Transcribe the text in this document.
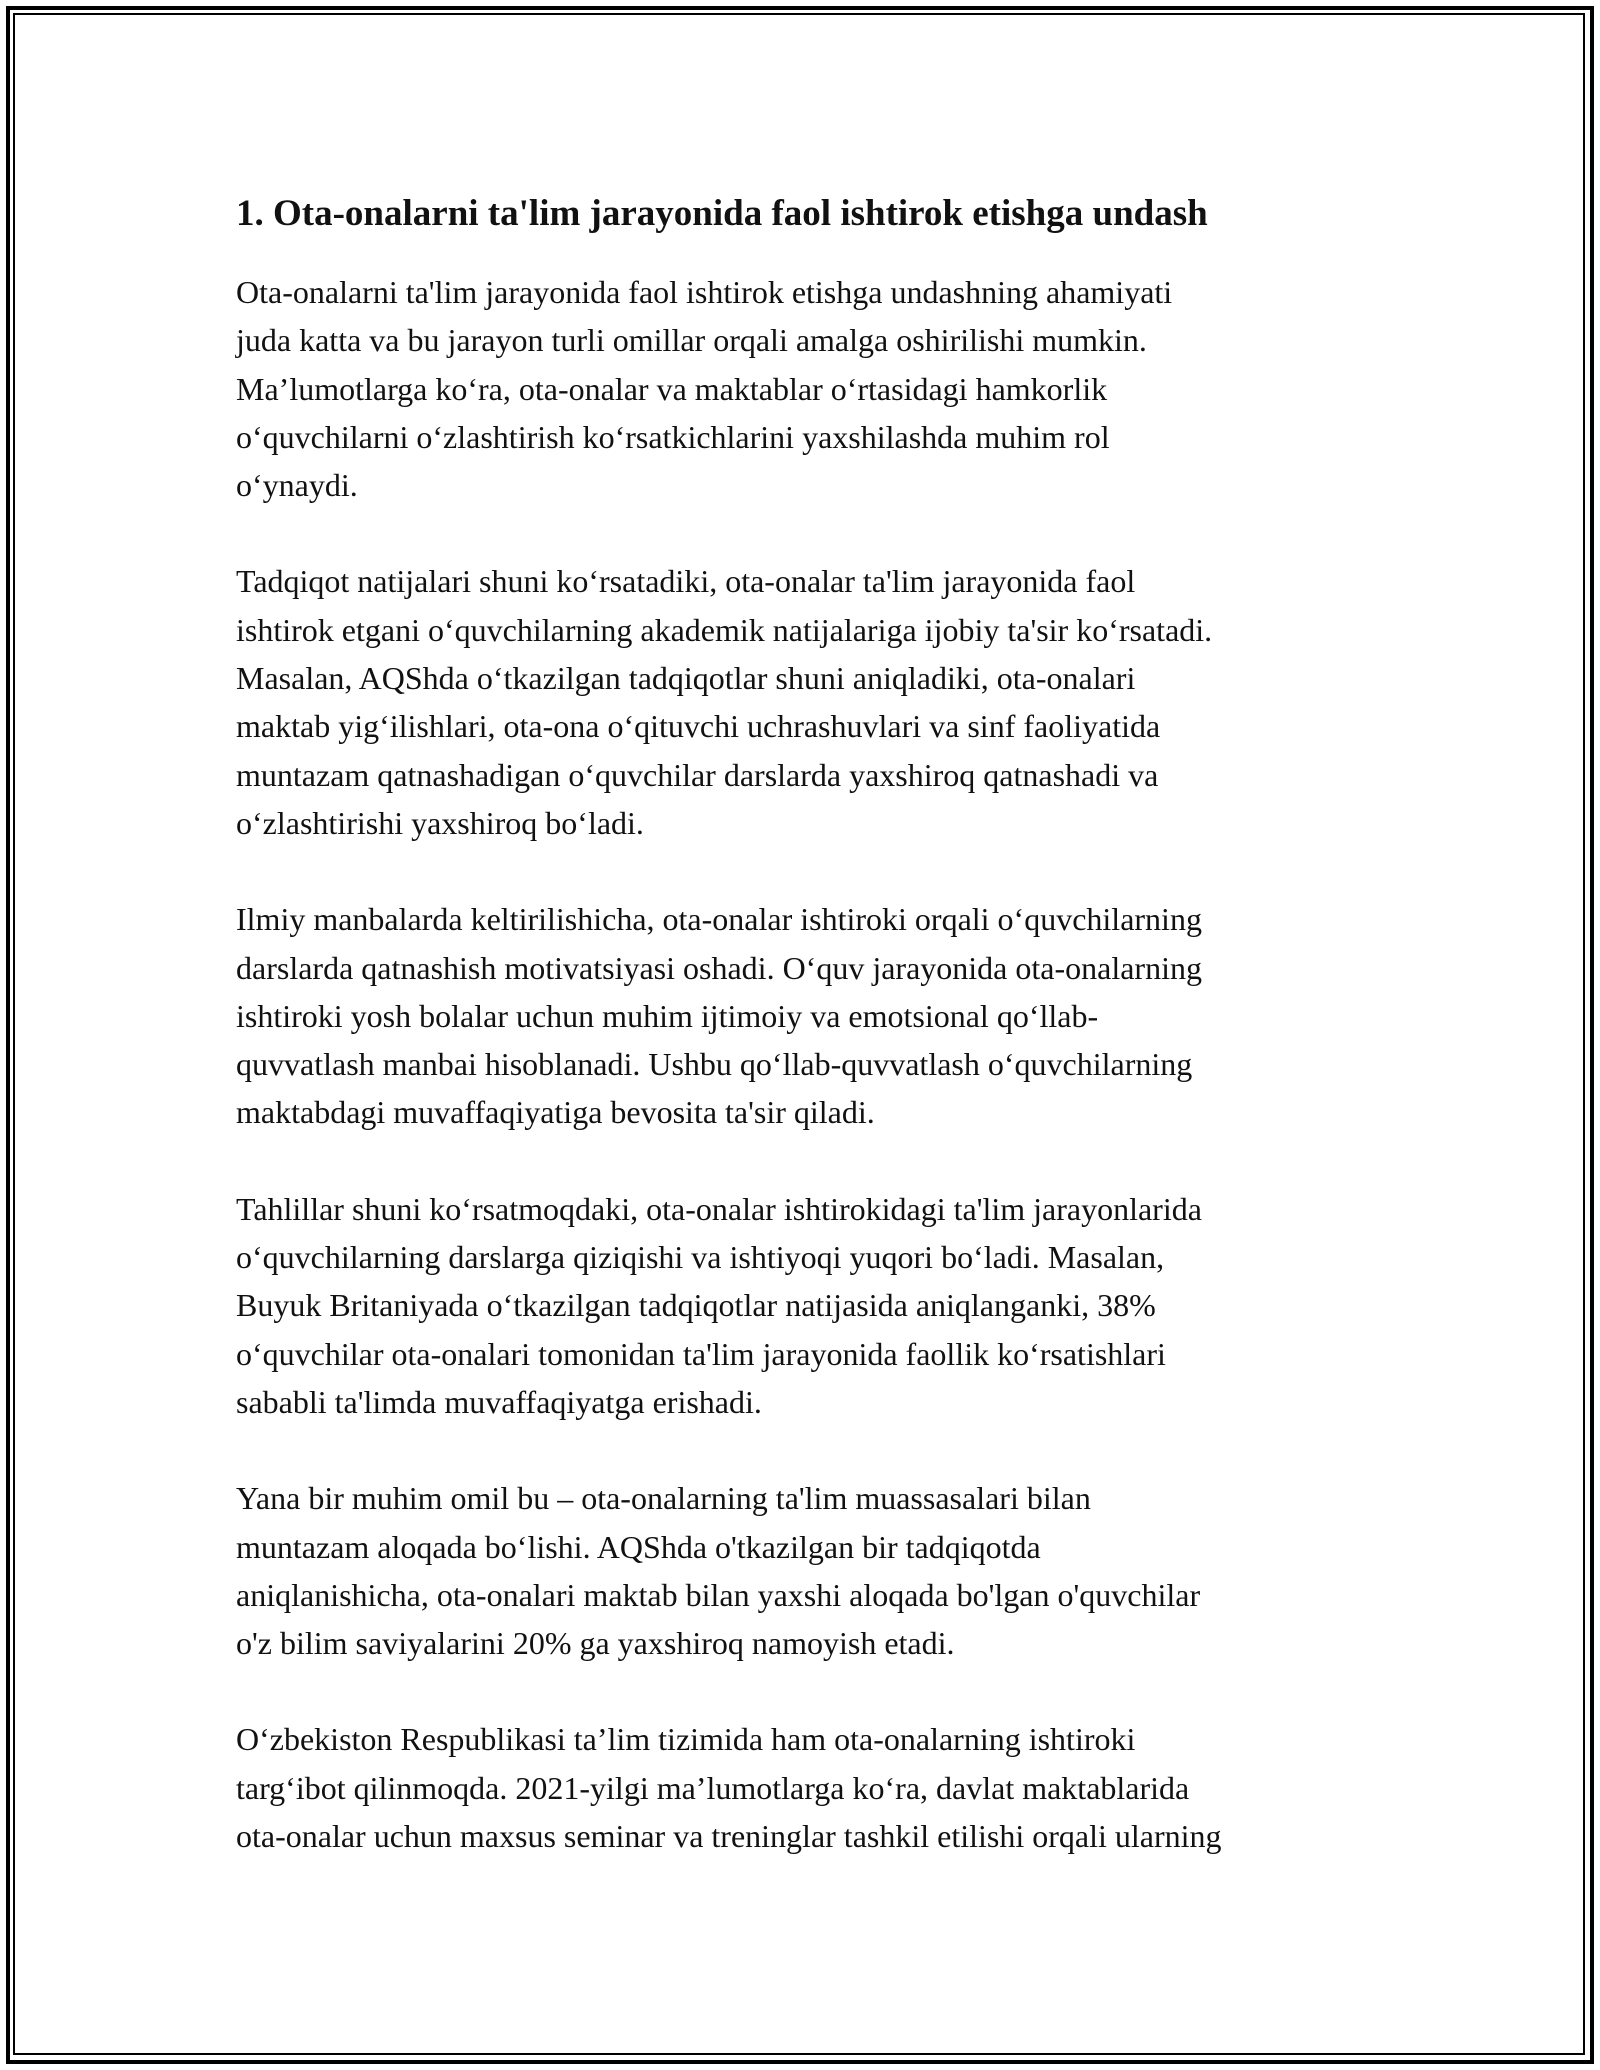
1. Ota-onalarni ta'lim jarayonida faol ishtirok etishga undash
Ota-onalarni ta'lim jarayonida faol ishtirok etishga undashning ahamiyati
juda katta va bu jarayon turli omillar orqali amalga oshirilishi mumkin.
Ma’lumotlarga ko‘ra, ota-onalar va maktablar o‘rtasidagi hamkorlik
o‘quvchilarni o‘zlashtirish ko‘rsatkichlarini yaxshilashda muhim rol
o‘ynaydi.
Tadqiqot natijalari shuni ko‘rsatadiki, ota-onalar ta'lim jarayonida faol
ishtirok etgani o‘quvchilarning akademik natijalariga ijobiy ta'sir ko‘rsatadi.
Masalan, AQShda o‘tkazilgan tadqiqotlar shuni aniqladiki, ota-onalari
maktab yig‘ilishlari, ota-ona o‘qituvchi uchrashuvlari va sinf faoliyatida
muntazam qatnashadigan o‘quvchilar darslarda yaxshiroq qatnashadi va
o‘zlashtirishi yaxshiroq bo‘ladi.
Ilmiy manbalarda keltirilishicha, ota-onalar ishtiroki orqali o‘quvchilarning
darslarda qatnashish motivatsiyasi oshadi. O‘quv jarayonida ota-onalarning
ishtiroki yosh bolalar uchun muhim ijtimoiy va emotsional qo‘llab-
quvvatlash manbai hisoblanadi. Ushbu qo‘llab-quvvatlash o‘quvchilarning
maktabdagi muvaffaqiyatiga bevosita ta'sir qiladi.
Tahlillar shuni ko‘rsatmoqdaki, ota-onalar ishtirokidagi ta'lim jarayonlarida
o‘quvchilarning darslarga qiziqishi va ishtiyoqi yuqori bo‘ladi. Masalan,
Buyuk Britaniyada o‘tkazilgan tadqiqotlar natijasida aniqlanganki, 38%
o‘quvchilar ota-onalari tomonidan ta'lim jarayonida faollik ko‘rsatishlari
sababli ta'limda muvaffaqiyatga erishadi.
Yana bir muhim omil bu – ota-onalarning ta'lim muassasalari bilan
muntazam aloqada bo‘lishi. AQShda o'tkazilgan bir tadqiqotda
aniqlanishicha, ota-onalari maktab bilan yaxshi aloqada bo'lgan o'quvchilar
o'z bilim saviyalarini 20% ga yaxshiroq namoyish etadi.
O‘zbekiston Respublikasi ta’lim tizimida ham ota-onalarning ishtiroki
targ‘ibot qilinmoqda. 2021-yilgi ma’lumotlarga ko‘ra, davlat maktablarida
ota-onalar uchun maxsus seminar va treninglar tashkil etilishi orqali ularning
